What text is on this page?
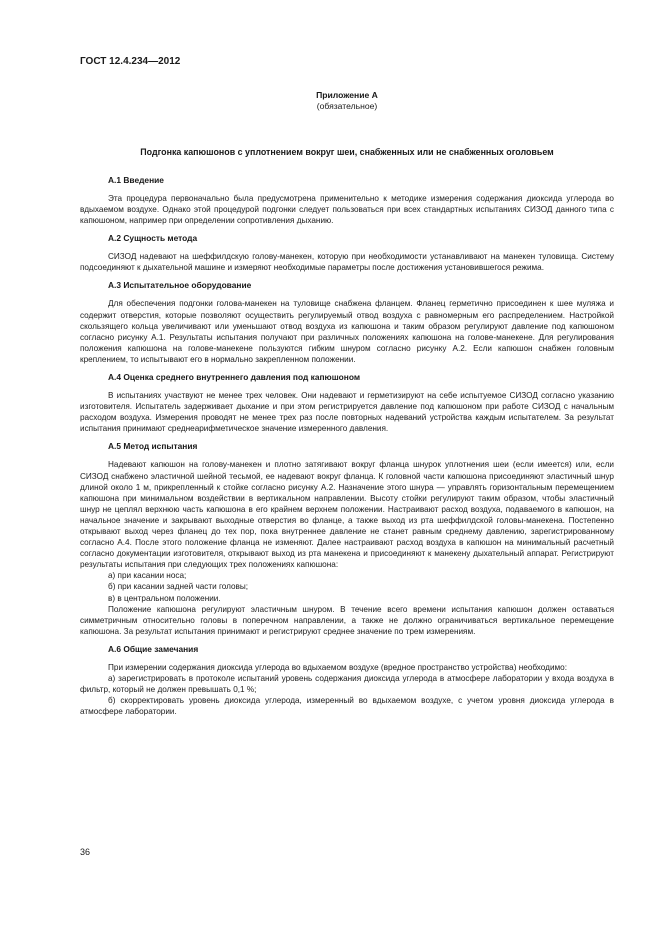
ГОСТ 12.4.234—2012
Приложение А
(обязательное)
Подгонка капюшонов с уплотнением вокруг шеи, снабженных или не снабженных оголовьем
А.1 Введение

Эта процедура первоначально была предусмотрена применительно к методике измерения содержания диоксида углерода во вдыхаемом воздухе. Однако этой процедурой подгонки следует пользоваться при всех стандартных испытаниях СИЗОД данного типа с капюшоном, например при определении сопротивления дыханию.

А.2 Сущность метода

СИЗОД надевают на шеффилдскую голову-манекен, которую при необходимости устанавливают на манекен туловища. Систему подсоединяют к дыхательной машине и измеряют необходимые параметры после достижения установившегося режима.

А.3 Испытательное оборудование

Для обеспечения подгонки голова-манекен на туловище снабжена фланцем. Фланец герметично присоединен к шее муляжа и содержит отверстия, которые позволяют осуществить регулируемый отвод воздуха с равномерным его распределением. Настройкой скользящего кольца увеличивают или уменьшают отвод воздуха из капюшона и таким образом регулируют давление под капюшоном согласно рисунку А.1. Результаты испытания получают при различных положениях капюшона на голове-манекене. Для регулирования положения капюшона на голове-манекене пользуются гибким шнуром согласно рисунку А.2. Если капюшон снабжен головным креплением, то испытывают его в нормально закрепленном положении.

А.4 Оценка среднего внутреннего давления под капюшоном

В испытаниях участвуют не менее трех человек. Они надевают и герметизируют на себе испытуемое СИЗОД согласно указанию изготовителя. Испытатель задерживает дыхание и при этом регистрируется давление под капюшоном при работе СИЗОД с начальным расходом воздуха. Измерения проводят не менее трех раз после повторных надеваний устройства каждым испытателем. За результат испытания принимают среднеарифметическое значение измеренного давления.

А.5 Метод испытания

Надевают капюшон на голову-манекен и плотно затягивают вокруг фланца шнурок уплотнения шеи (если имеется) или, если СИЗОД снабжено эластичной шейной тесьмой, ее надевают вокруг фланца. К головной части капюшона присоединяют эластичный шнур длиной около 1 м, прикрепленный к стойке согласно рисунку А.2. Назначение этого шнура — управлять горизонтальным перемещением капюшона при минимальном воздействии в вертикальном направлении. Высоту стойки регулируют таким образом, чтобы эластичный шнур не цеплял верхнюю часть капюшона в его крайнем верхнем положении. Настраивают расход воздуха, подаваемого в капюшон, на начальное значение и закрывают выходные отверстия во фланце, а также выход из рта шеффилдской головы-манекена. Постепенно открывают выход через фланец до тех пор, пока внутреннее давление не станет равным среднему давлению, зарегистрированному согласно А.4. После этого положение фланца не изменяют. Далее настраивают расход воздуха в капюшон на минимальный расчетный согласно документации изготовителя, открывают выход из рта манекена и присоединяют к манекену дыхательный аппарат. Регистрируют результаты испытания при следующих трех положениях капюшона:

а) при касании носа;

б) при касании задней части головы;

в) в центральном положении.

Положение капюшона регулируют эластичным шнуром. В течение всего времени испытания капюшон должен оставаться симметричным относительно головы в поперечном направлении, а также не должно ограничиваться вертикальное перемещение капюшона. За результат испытания принимают и регистрируют среднее значение по трем измерениям.

А.6 Общие замечания

При измерении содержания диоксида углерода во вдыхаемом воздухе (вредное пространство устройства) необходимо:

а) зарегистрировать в протоколе испытаний уровень содержания диоксида углерода в атмосфере лаборатории у входа воздуха в фильтр, который не должен превышать 0,1 %;

б) скорректировать уровень диоксида углерода, измеренный во вдыхаемом воздухе, с учетом уровня диоксида углерода в атмосфере лаборатории.

36
